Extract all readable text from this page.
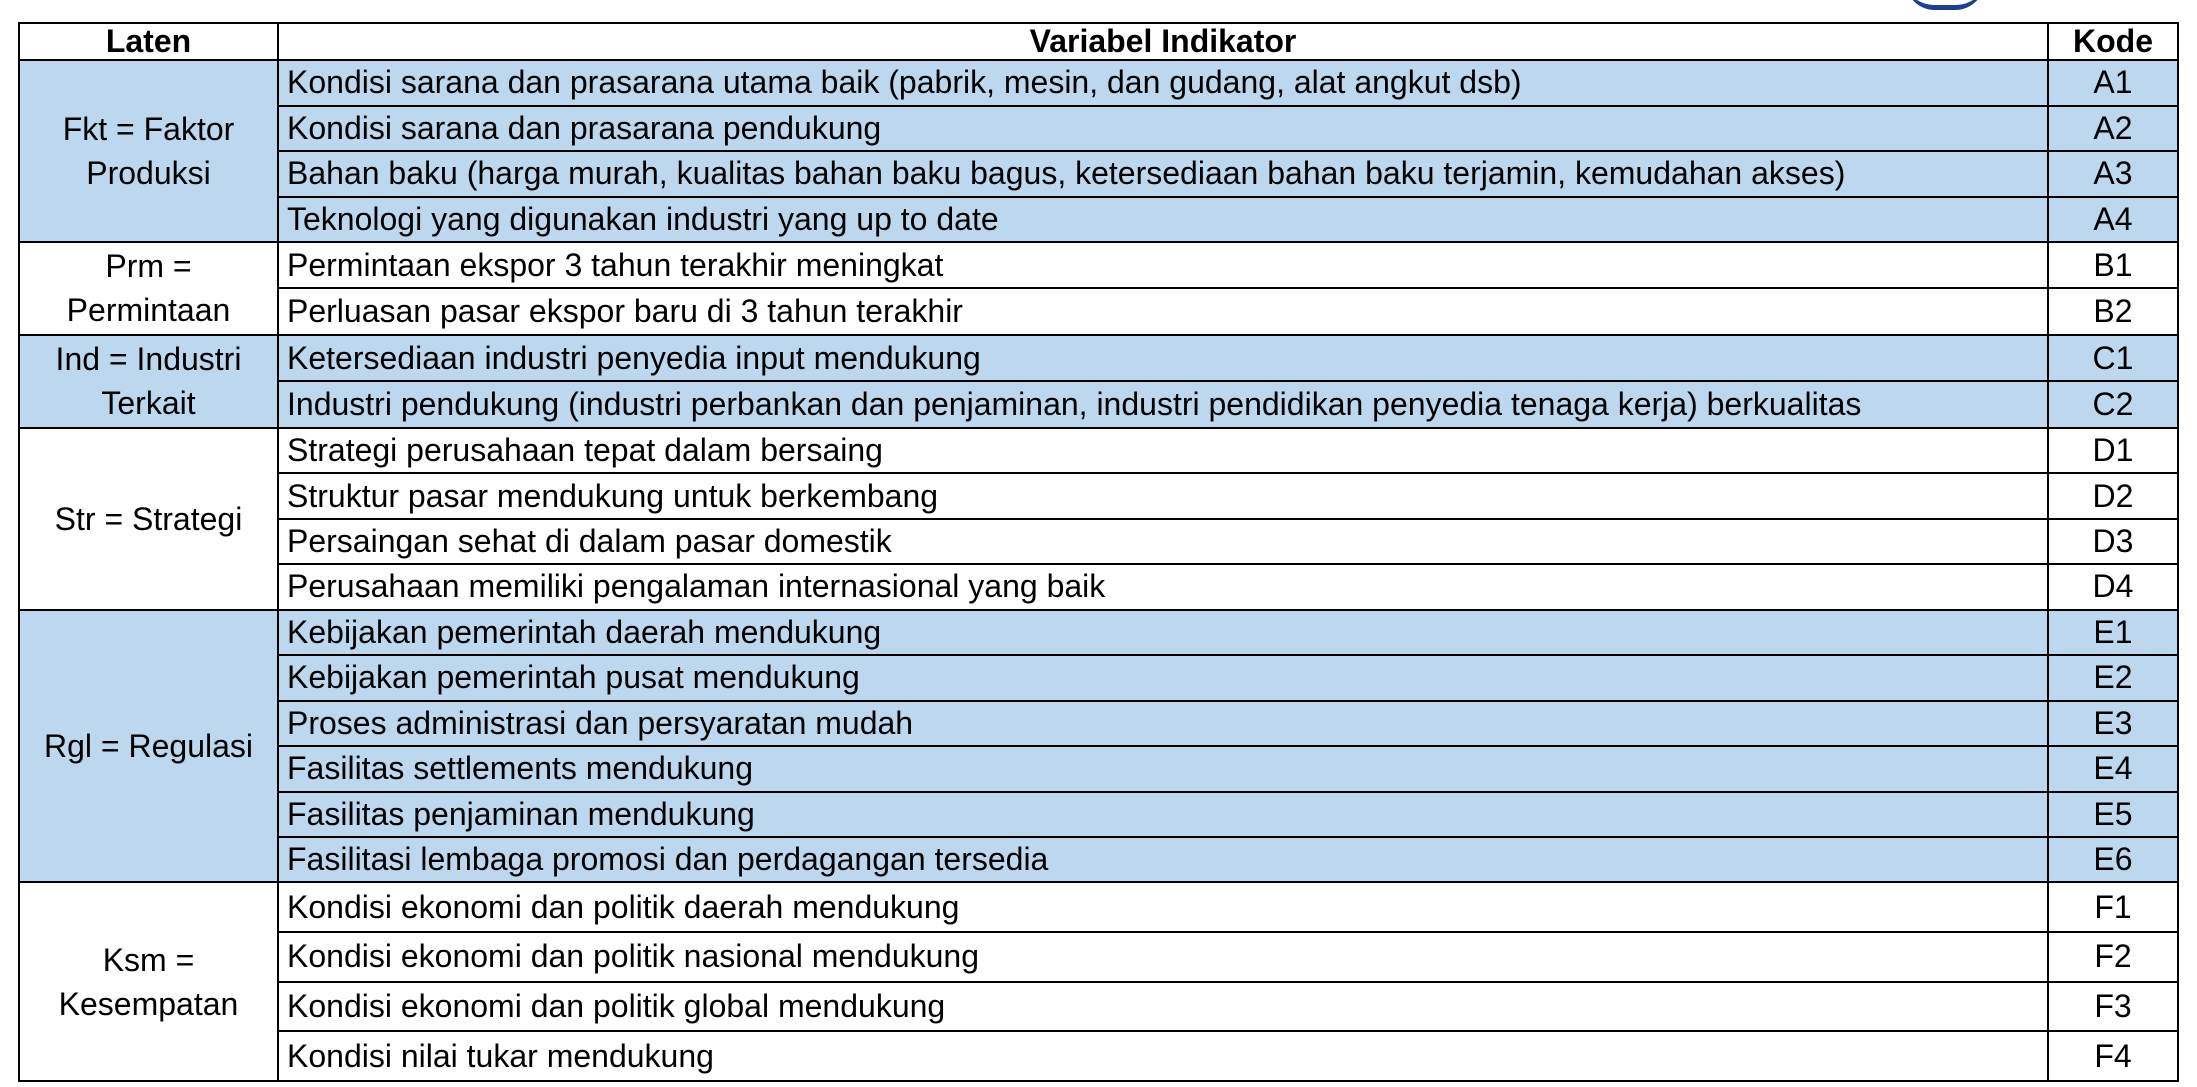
Laten	Variabel Indikator	Kode
Fkt = Faktor Produksi	Kondisi sarana dan prasarana utama baik (pabrik, mesin, dan gudang, alat angkut dsb)	A1
	Kondisi sarana dan prasarana pendukung	A2
	Bahan baku (harga murah, kualitas bahan baku bagus, ketersediaan bahan baku terjamin, kemudahan akses)	A3
	Teknologi yang digunakan industri yang up to date	A4
Prm = Permintaan	Permintaan ekspor 3 tahun terakhir meningkat	B1
	Perluasan pasar ekspor baru di 3 tahun terakhir	B2
Ind = Industri Terkait	Ketersediaan industri penyedia input mendukung	C1
	Industri pendukung (industri perbankan dan penjaminan, industri pendidikan penyedia tenaga kerja) berkualitas	C2
Str = Strategi	Strategi perusahaan tepat dalam bersaing	D1
	Struktur pasar mendukung untuk berkembang	D2
	Persaingan sehat di dalam pasar domestik	D3
	Perusahaan memiliki pengalaman internasional yang baik	D4
Rgl = Regulasi	Kebijakan pemerintah daerah mendukung	E1
	Kebijakan pemerintah pusat mendukung	E2
	Proses administrasi dan persyaratan mudah	E3
	Fasilitas settlements mendukung	E4
	Fasilitas penjaminan mendukung	E5
	Fasilitasi lembaga promosi dan perdagangan tersedia	E6
Ksm = Kesempatan	Kondisi ekonomi dan politik daerah mendukung	F1
	Kondisi ekonomi dan politik nasional mendukung	F2
	Kondisi ekonomi dan politik global mendukung	F3
	Kondisi nilai tukar mendukung	F4
